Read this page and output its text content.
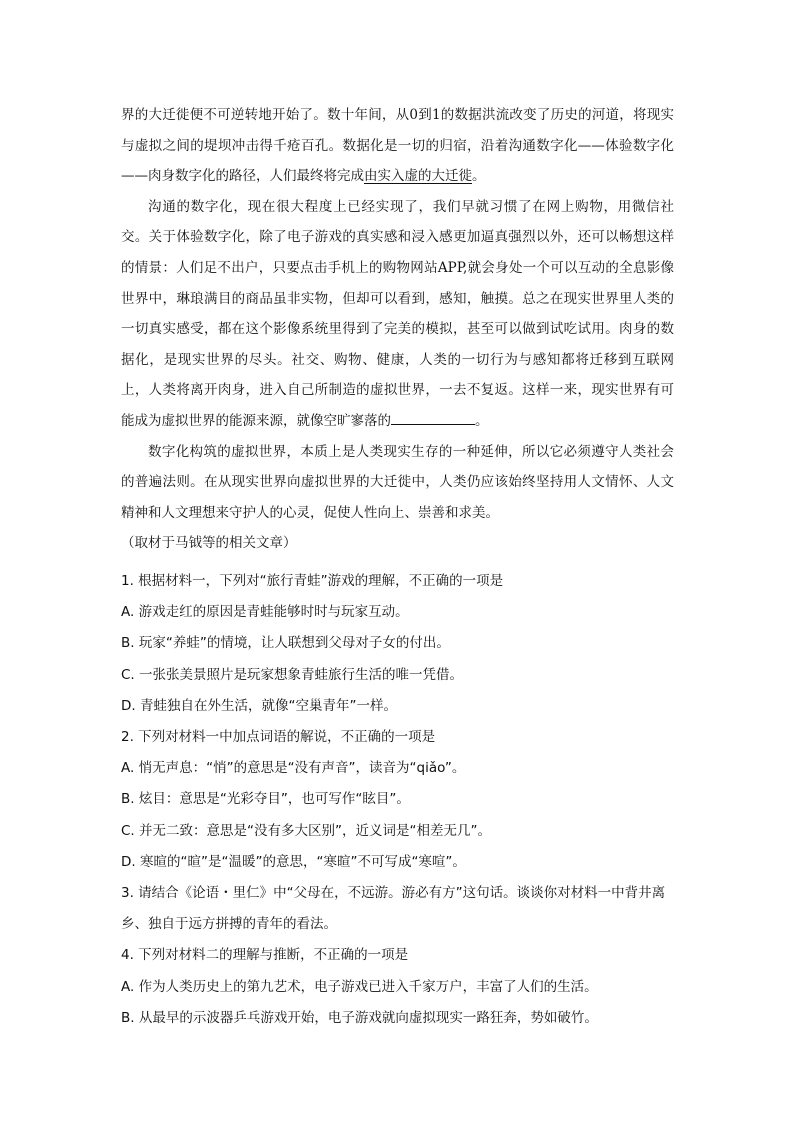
界的大迁徙便不可逆转地开始了。数十年间，从0到1的数据洪流改变了历史的河道，将现实与虚拟之间的堤坝冲击得千疮百孔。数据化是一切的归宿，沿着沟通数字化——体验数字化——肉身数字化的路径，人们最终将完成由实入虚的大迁徙。

沟通的数字化，现在很大程度上已经实现了，我们早就习惯了在网上购物，用微信社交。关于体验数字化，除了电子游戏的真实感和浸入感更加逼真强烈以外，还可以畅想这样的情景：人们足不出户，只要点击手机上的购物网站APP,就会身处一个可以互动的全息影像世界中，琳琅满目的商品虽非实物，但却可以看到，感知，触摸。总之在现实世界里人类的一切真实感受，都在这个影像系统里得到了完美的模拟，甚至可以做到试吃试用。肉身的数据化，是现实世界的尽头。社交、购物、健康，人类的一切行为与感知都将迁移到互联网上，人类将离开肉身，进入自己所制造的虚拟世界，一去不复返。这样一来，现实世界有可能成为虚拟世界的能源来源，就像空旷寥落的	。

数字化构筑的虚拟世界，本质上是人类现实生存的一种延伸，所以它必须遵守人类社会的普遍法则。在从现实世界向虚拟世界的大迁徙中，人类仍应该始终坚持用人文情怀、人文精神和人文理想来守护人的心灵，促使人性向上、崇善和求美。

（取材于马钺等的相关文章）

1. 根据材料一，下列对“旅行青蛙”游戏的理解，不正确的一项是

A. 游戏走红的原因是青蛙能够时时与玩家互动。

B. 玩家“养蛙”的情境，让人联想到父母对子女的付出。

C. 一张张美景照片是玩家想象青蛙旅行生活的唯一凭借。

D. 青蛙独自在外生活，就像“空巢青年”一样。

2. 下列对材料一中加点词语的解说，不正确的一项是

A. 悄无声息：“悄”的意思是“没有声音”，读音为“qiǎo”。

B. 炫目：意思是“光彩夺目”，也可写作“眩目”。

C. 并无二致：意思是“没有多大区别”，近义词是“相差无几”。

D. 寒暄的“暄”是“温暖”的意思，“寒暄”不可写成“寒喧”。

3. 请结合《论语・里仁》中“父母在，不远游。游必有方”这句话。谈谈你对材料一中背井离乡、独自于远方拼搏的青年的看法。

4. 下列对材料二的理解与推断，不正确的一项是

A. 作为人类历史上的第九艺术，电子游戏已进入千家万户，丰富了人们的生活。

B. 从最早的示波器乒乓游戏开始，电子游戏就向虚拟现实一路狂奔，势如破竹。
